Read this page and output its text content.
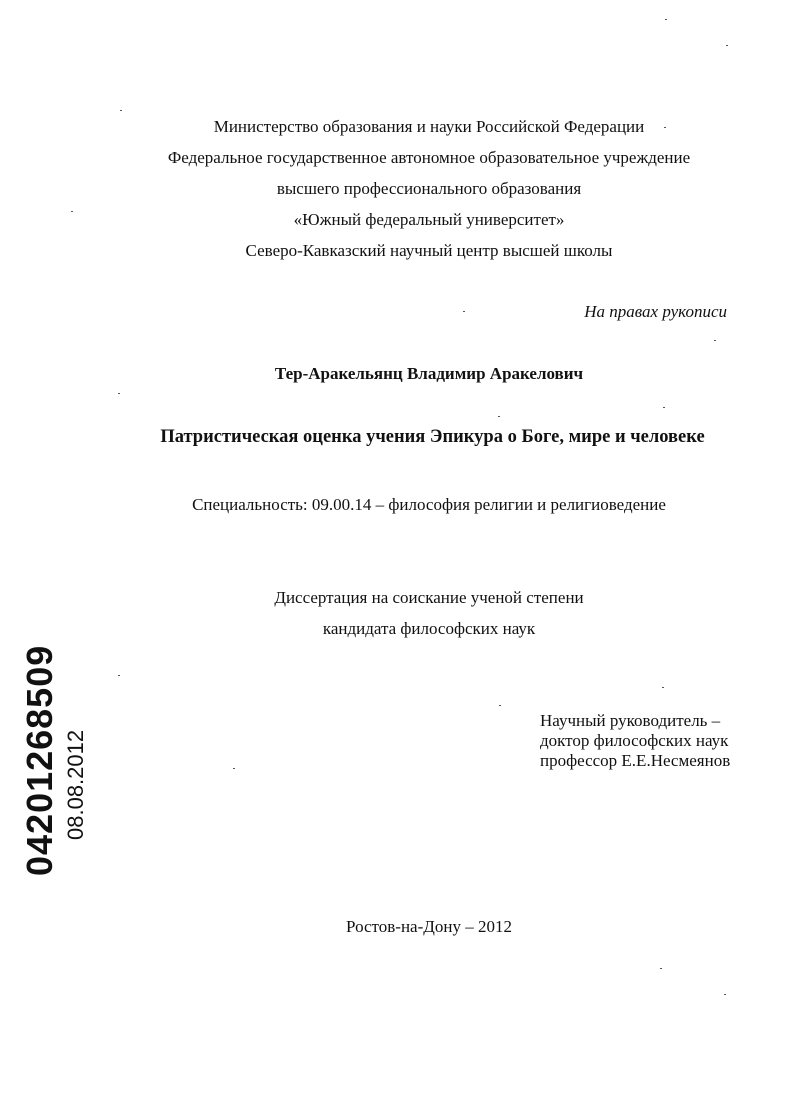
Министерство образования и науки Российской Федерации
Федеральное государственное автономное образовательное учреждение
высшего профессионального образования
«Южный федеральный университет»
Северо-Кавказский научный центр высшей школы
На правах рукописи
Тер-Аракельянц Владимир Аракелович
Патристическая оценка учения Эпикура о Боге, мире и человеке
Специальность: 09.00.14 – философия религии и религиоведение
Диссертация на соискание ученой степени
кандидата философских наук
Научный руководитель –
доктор философских наук
профессор Е.Е.Несмеянов
Ростов-на-Дону – 2012
04201268509 08.08.2012
